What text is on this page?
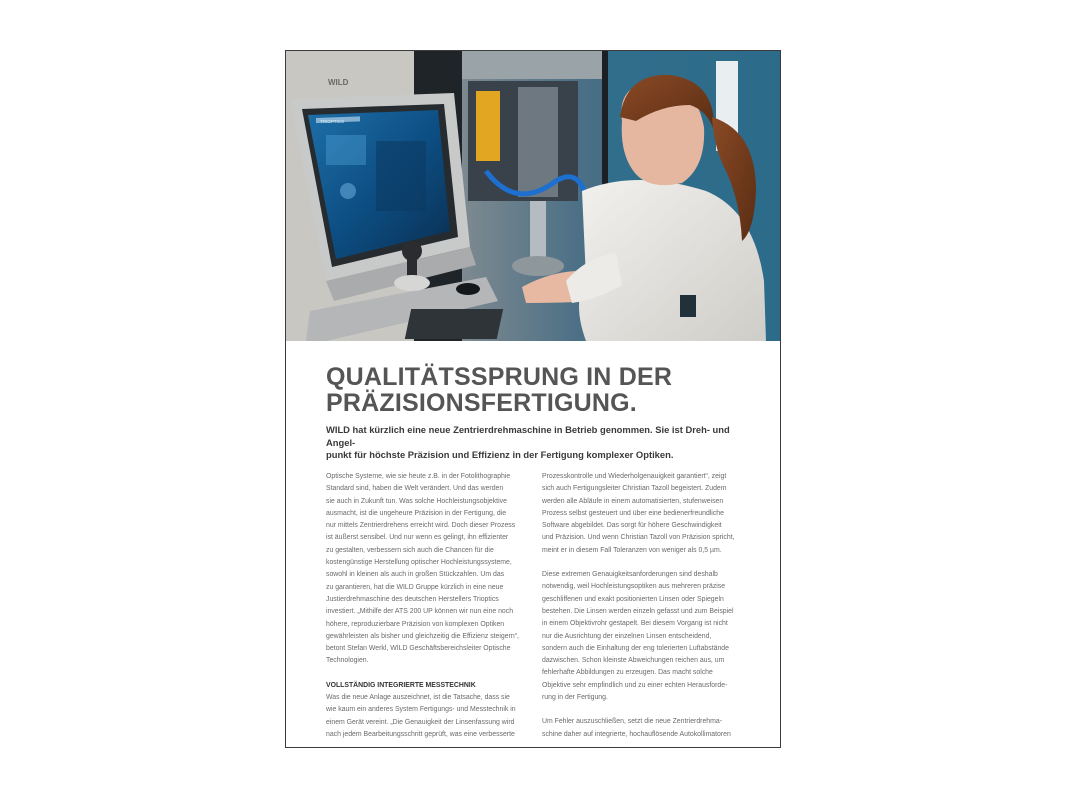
WILD
TRIOPTICS
QUALITÄTSSPRUNG IN DER
PRÄZISIONSFERTIGUNG.

WILD hat kürzlich eine neue Zentrierdrehmaschine in Betrieb genommen. Sie ist Dreh- und Angel-
punkt für höchste Präzision und Effizienz in der Fertigung komplexer Optiken.

Optische Systeme, wie sie heute z.B. in der Fotolithographie
Standard sind, haben die Welt verändert. Und das werden
sie auch in Zukunft tun. Was solche Hochleistungsobjektive
ausmacht, ist die ungeheure Präzision in der Fertigung, die
nur mittels Zentrierdrehens erreicht wird. Doch dieser Prozess
ist äußerst sensibel. Und nur wenn es gelingt, ihn effizienter
zu gestalten, verbessern sich auch die Chancen für die
kostengünstige Herstellung optischer Hochleistungssysteme,
sowohl in kleinen als auch in großen Stückzahlen. Um das
zu garantieren, hat die WILD Gruppe kürzlich in eine neue
Justierdrehmaschine des deutschen Herstellers Trioptics
investiert. „Mithilfe der ATS 200 UP können wir nun eine noch
höhere, reproduzierbare Präzision von komplexen Optiken
gewährleisten als bisher und gleichzeitig die Effizienz steigern“,
betont Stefan Werkl, WILD Geschäftsbereichsleiter Optische
Technologien.

VOLLSTÄNDIG INTEGRIERTE MESSTECHNIK

Was die neue Anlage auszeichnet, ist die Tatsache, dass sie
wie kaum ein anderes System Fertigungs- und Messtechnik in
einem Gerät vereint. „Die Genauigkeit der Linsenfassung wird
nach jedem Bearbeitungsschritt geprüft, was eine verbesserte

Prozesskontrolle und Wiederholgenauigkeit garantiert“, zeigt
sich auch Fertigungsleiter Christian Tazoll begeistert. Zudem
werden alle Abläufe in einem automatisierten, stufenweisen
Prozess selbst gesteuert und über eine bedienerfreundliche
Software abgebildet. Das sorgt für höhere Geschwindigkeit
und Präzision. Und wenn Christian Tazoll von Präzision spricht,
meint er in diesem Fall Toleranzen von weniger als 0,5 µm.

Diese extremen Genauigkeitsanforderungen sind deshalb
notwendig, weil Hochleistungsoptiken aus mehreren präzise
geschliffenen und exakt positionierten Linsen oder Spiegeln
bestehen. Die Linsen werden einzeln gefasst und zum Beispiel
in einem Objektivrohr gestapelt. Bei diesem Vorgang ist nicht
nur die Ausrichtung der einzelnen Linsen entscheidend,
sondern auch die Einhaltung der eng tolerierten Luftabstände
dazwischen. Schon kleinste Abweichungen reichen aus, um
fehlerhafte Abbildungen zu erzeugen. Das macht solche
Objektive sehr empfindlich und zu einer echten Herausforde-
rung in der Fertigung.

Um Fehler auszuschließen, setzt die neue Zentrierdrehma-
schine daher auf integrierte, hochauflösende Autokollimatoren
